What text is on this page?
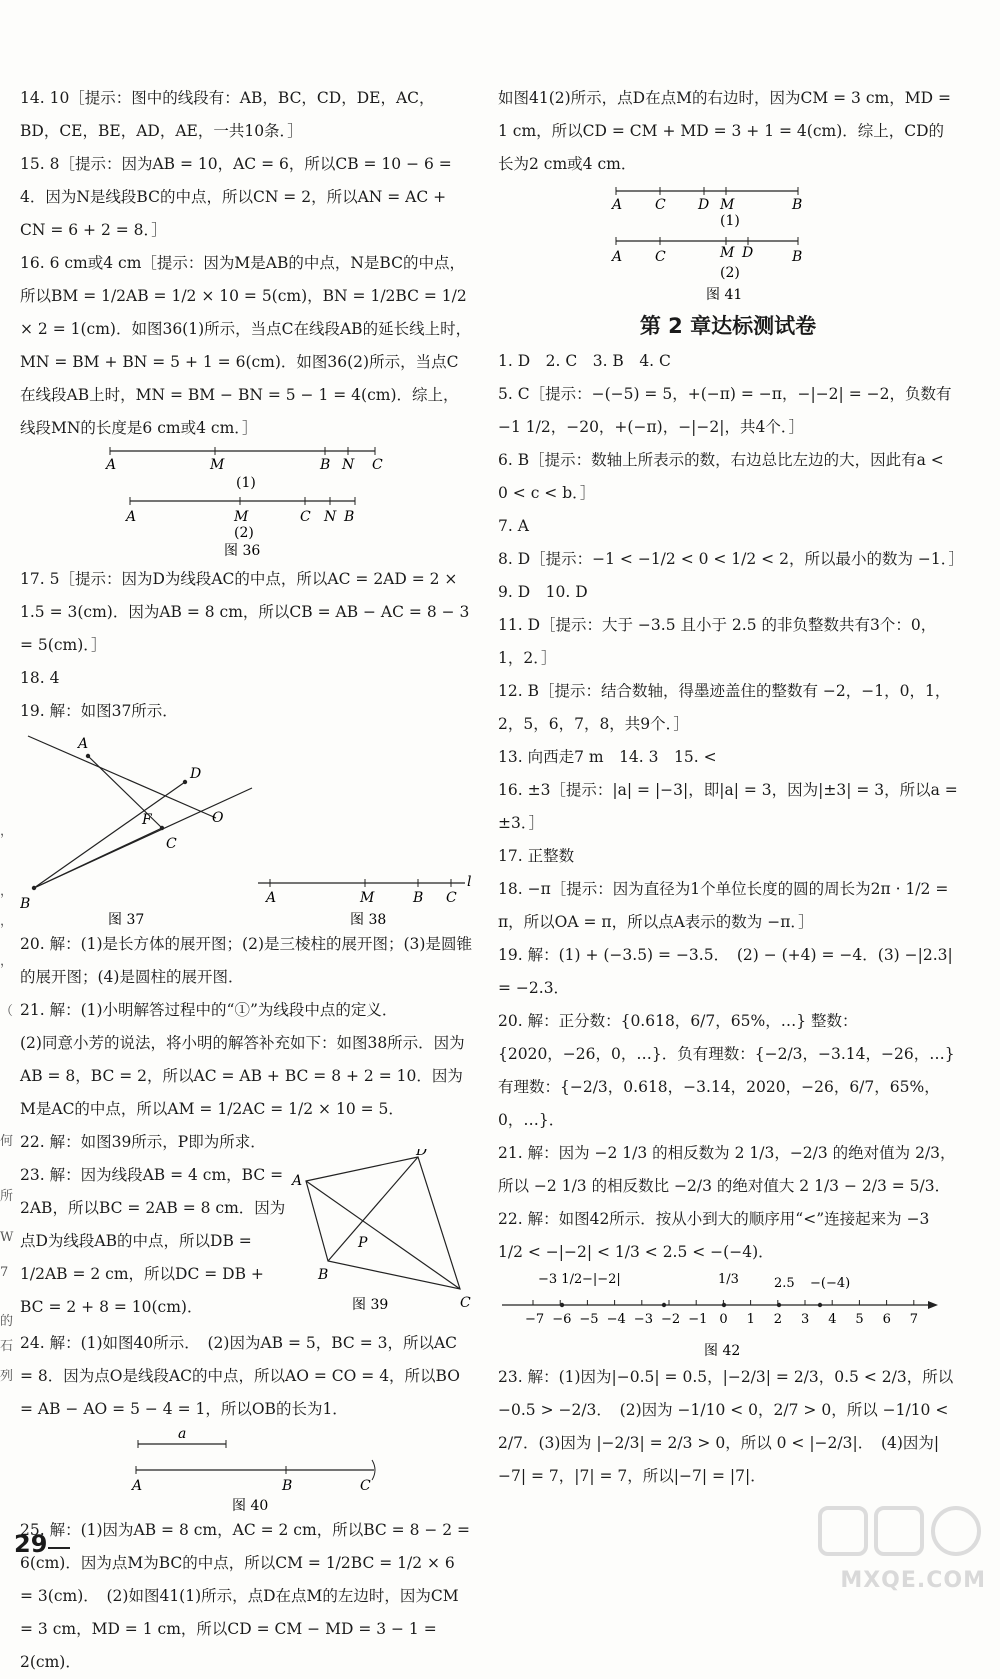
14. 10［提示：图中的线段有：AB，BC，CD，DE，AC，BD，CE，BE，AD，AE，一共10条．］

15. 8［提示：因为AB = 10，AC = 6，所以CB = 10 − 6 = 4．因为N是线段BC的中点，所以CN = 2，所以AN = AC + CN = 6 + 2 = 8．］

16. 6 cm或4 cm［提示：因为M是AB的中点，N是BC的中点，所以BM = 1/2AB = 1/2 × 10 = 5(cm)，BN = 1/2BC = 1/2 × 2 = 1(cm)．如图36(1)所示，当点C在线段AB的延长线上时，MN = BM + BN = 5 + 1 = 6(cm)．如图36(2)所示，当点C在线段AB上时，MN = BM − BN = 5 − 1 = 4(cm)．综上，线段MN的长度是6 cm或4 cm．］

A	M	B N C
(1)
A	M	C N B
(2)
图 36

17. 5［提示：因为D为线段AC的中点，所以AC = 2AD = 2 × 1.5 = 3(cm)．因为AB = 8 cm，所以CB = AB − AC = 8 − 3 = 5(cm)．］

18. 4

19. 解：如图37所示．

A
D
F	O
C
B
图 37
A	M	B C
l
图 38

20. 解：(1)是长方体的展开图；(2)是三棱柱的展开图；(3)是圆锥的展开图；(4)是圆柱的展开图．

21. 解：(1)小明解答过程中的“①”为线段中点的定义．

(2)同意小芳的说法，将小明的解答补充如下：如图38所示．因为AB = 8，BC = 2，所以AC = AB + BC = 8 + 2 = 10．因为M是AC的中点，所以AM = 1/2AC = 1/2 × 10 = 5．

22. 解：如图39所示，P即为所求．

23. 解：因为线段AB = 4 cm，BC = 2AB，所以BC = 2AB = 8 cm．因为点D为线段AB的中点，所以DB = 1/2AB = 2 cm，所以DC = DB + BC = 2 + 8 = 10(cm)．

A
D
P
B
C
图 39

24. 解：(1)如图40所示．　(2)因为AB = 5，BC = 3，所以AC = 8．因为点O是线段AC的中点，所以AO = CO = 4，所以BO = AB − AO = 5 − 4 = 1，所以OB的长为1．

a
A	B	C
图 40

25. 解：(1)因为AB = 8 cm，AC = 2 cm，所以BC = 8 − 2 = 6(cm)．因为点M为BC的中点，所以CM = 1/2BC = 1/2 × 6 = 3(cm)．　(2)如图41(1)所示，点D在点M的左边时，因为CM = 3 cm，MD = 1 cm，所以CD = CM − MD = 3 − 1 = 2(cm)．

如图41(2)所示，点D在点M的右边时，因为CM = 3 cm，MD = 1 cm，所以CD = CM + MD = 3 + 1 = 4(cm)．综上，CD的长为2 cm或4 cm．

A C D M	B
(1)
A C	M D	B
(2)
图 41
第 2 章达标测试卷

1. D　2. C　3. B　4. C

5. C［提示：−(−5) = 5，+(−π) = −π，−|−2| = −2，负数有 −1 1/2，−20，+(−π)，−|−2|，共4个．］

6. B［提示：数轴上所表示的数，右边总比左边的大，因此有a < 0 < c < b．］

7. A

8. D［提示：−1 < −1/2 < 0 < 1/2 < 2，所以最小的数为 −1．］

9. D　10. D

11. D［提示：大于 −3.5 且小于 2.5 的非负整数共有3个：0，1，2．］

12. B［提示：结合数轴，得墨迹盖住的整数有 −2，−1，0，1，2，5，6，7，8，共9个．］

13. 向西走7 m　14. 3　15. <

16. ±3［提示：|a| = |−3|，即|a| = 3，因为|±3| = 3，所以a = ±3．］

17. 正整数

18. −π［提示：因为直径为1个单位长度的圆的周长为2π · 1/2 = π，所以OA = π，所以点A表示的数为 −π．］

19. 解：(1) + (−3.5) = −3.5．　(2) − (+4) = −4．(3) −|2.3| = −2.3．

20. 解：正分数：{0.618，6/7，65%，…} 整数：{2020，−26，0，…}．负有理数：{−2/3，−3.14，−26，…} 有理数：{−2/3，0.618，−3.14，2020，−26，6/7，65%，0，…}．

21. 解：因为 −2 1/3 的相反数为 2 1/3，−2/3 的绝对值为 2/3，所以 −2 1/3 的相反数比 −2/3 的绝对值大 2 1/3 − 2/3 = 5/3．

22. 解：如图42所示．按从小到大的顺序用“<”连接起来为 −3 1/2 < −|−2| < 1/3 < 2.5 < −(−4)．

−3 1/2 −|−2|	1/3	2.5 −(−4)
−7 −6 −5 −4 −3 −2 −1 0 1 2 3 4 5 6 7
图 42

23. 解：(1)因为|−0.5| = 0.5，|−2/3| = 2/3，0.5 < 2/3，所以 −0.5 > −2/3．　(2)因为 −1/10 < 0，2/7 > 0，所以 −1/10 < 2/7．(3)因为 |−2/3| = 2/3 > 0，所以 0 < |−2/3|．　(4)因为|−7| = 7，|7| = 7，所以|−7| = |7|．

，
，
，
，
（
何
所
W
7
的
石
列
29
MXQE.COM
